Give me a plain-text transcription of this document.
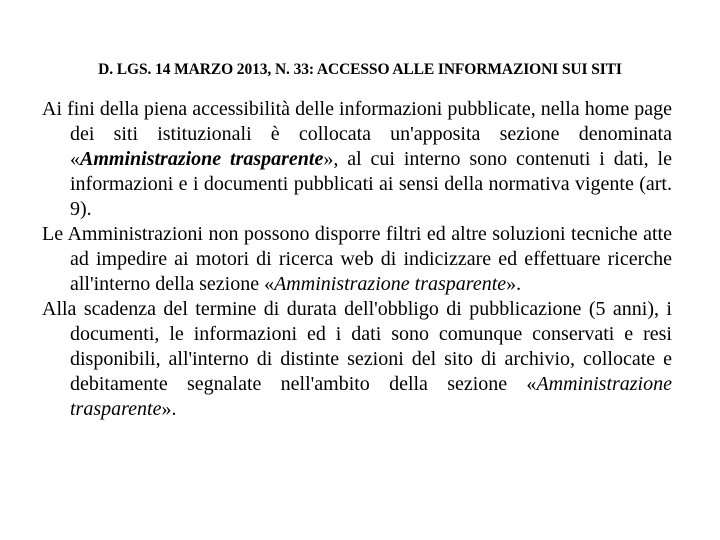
D. LGS. 14 MARZO 2013, N. 33: ACCESSO ALLE INFORMAZIONI SUI SITI

Ai fini della piena accessibilità delle informazioni pubblicate, nella home page dei siti istituzionali è collocata un'apposita sezione denominata «Amministrazione trasparente», al cui interno sono contenuti i dati, le informazioni e i documenti pubblicati ai sensi della normativa vigente (art. 9).

Le Amministrazioni non possono disporre filtri ed altre soluzioni tecniche atte ad impedire ai motori di ricerca web di indicizzare ed effettuare ricerche all'interno della sezione «Amministrazione trasparente».

Alla scadenza del termine di durata dell'obbligo di pubblicazione (5 anni), i documenti, le informazioni ed i dati sono comunque conservati e resi disponibili, all'interno di distinte sezioni del sito di archivio, collocate e debitamente segnalate nell'ambito della sezione «Amministrazione trasparente».
